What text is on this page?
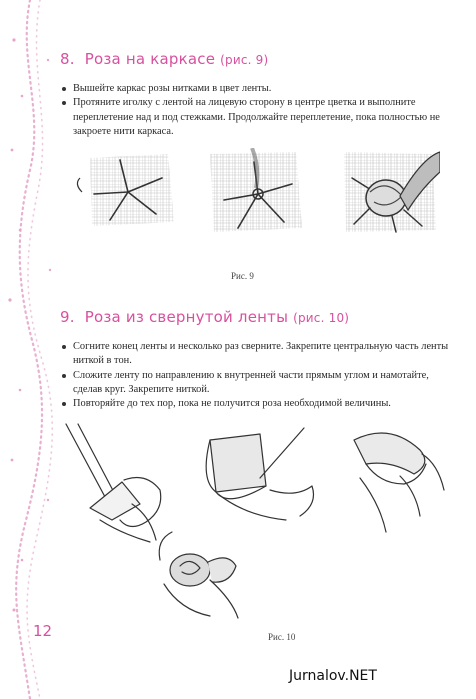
8. Роза на каркасе (рис. 9)
Вышейте каркас розы нитками в цвет ленты.
Протяните иголку с лентой на лицевую сторону в центре цветка и выполните переплетение над и под стежками. Продолжайте переплетение, пока полностью не закроете нити каркаса.
Рис. 9
9. Роза из свернутой ленты (рис. 10)
Согните конец ленты и несколько раз сверните. Закрепите центральную часть ленты ниткой в тон.
Сложите ленту по направлению к внутренней части прямым углом и намотайте, сделав круг. Закрепите ниткой.
Повторяйте до тех пор, пока не получится роза необходимой величины.
Рис. 10
12
Jurnalov.NET
